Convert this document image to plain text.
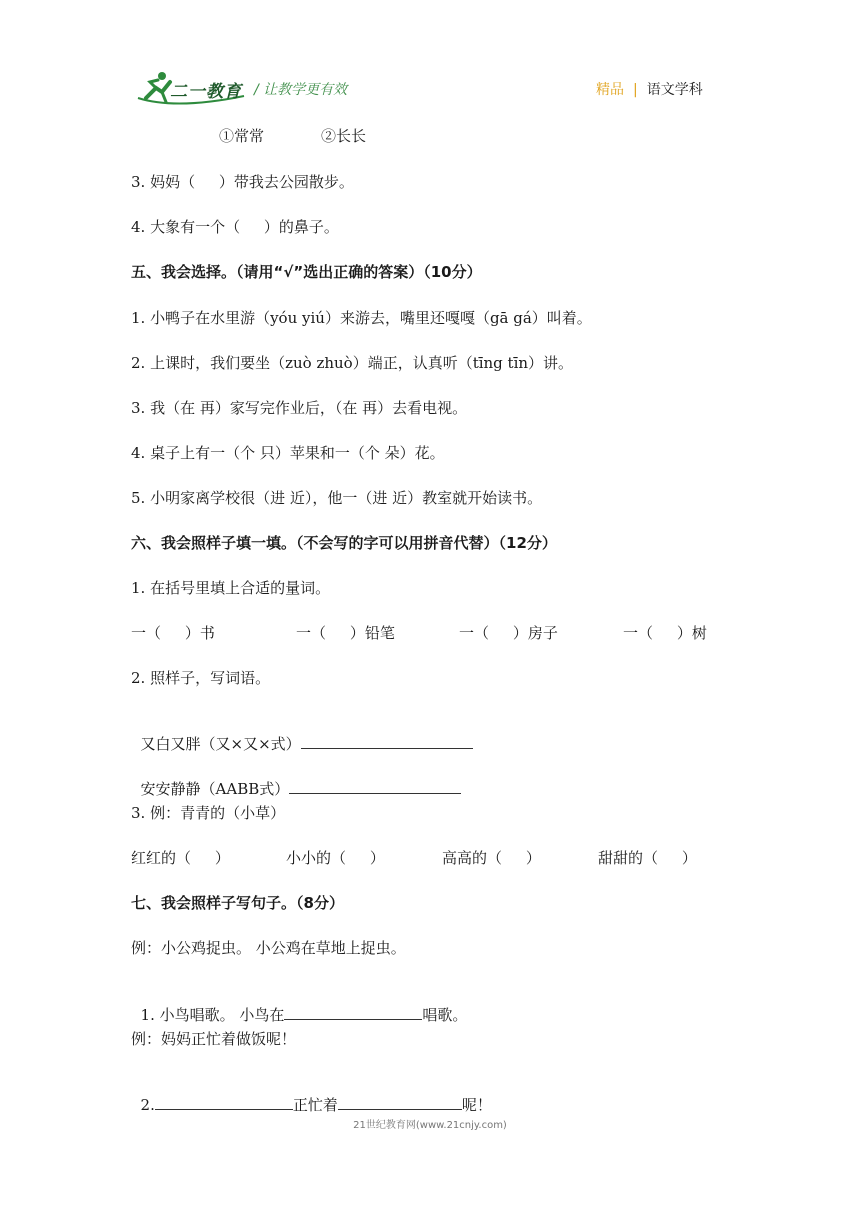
二一教育 / 让教学更有效	精品 | 语文学科

①常常

	②长长

3. 妈妈（     ）带我去公园散步。
4. 大象有一个（     ）的鼻子。
五、我会选择。（请用“√”选出正确的答案）（10分）
1. 小鸭子在水里游（yóu yiú）来游去，嘴里还嘎嘎（gā gá）叫着。
2. 上课时，我们要坐（zuò zhuò）端正，认真听（tīng tīn）讲。
3. 我（在 再）家写完作业后，（在 再）去看电视。
4. 桌子上有一（个 只）苹果和一（个 朵）花。
5. 小明家离学校很（进 近），他一（进 近）教室就开始读书。
六、我会照样子填一填。（不会写的字可以用拼音代替）（12分）
1. 在括号里填上合适的量词。

一（     ）书

	一（     ）铅笔

	一（     ）房子

	一（     ）树

2. 照样子，写词语。

又白又胖（又×又×式）

安安静静（AABB式）

3. 例：青青的（小草）

红红的（     ）

	小小的（     ）

	高高的（     ）

	甜甜的（     ）

七、我会照样子写句子。（8分）
例：小公鸡捉虫。 小公鸡在草地上捉虫。

1. 小鸟唱歌。 小鸟在	唱歌。

例：妈妈正忙着做饭呢！

2.	正忙着	呢！

21世纪教育网(www.21cnjy.com)
